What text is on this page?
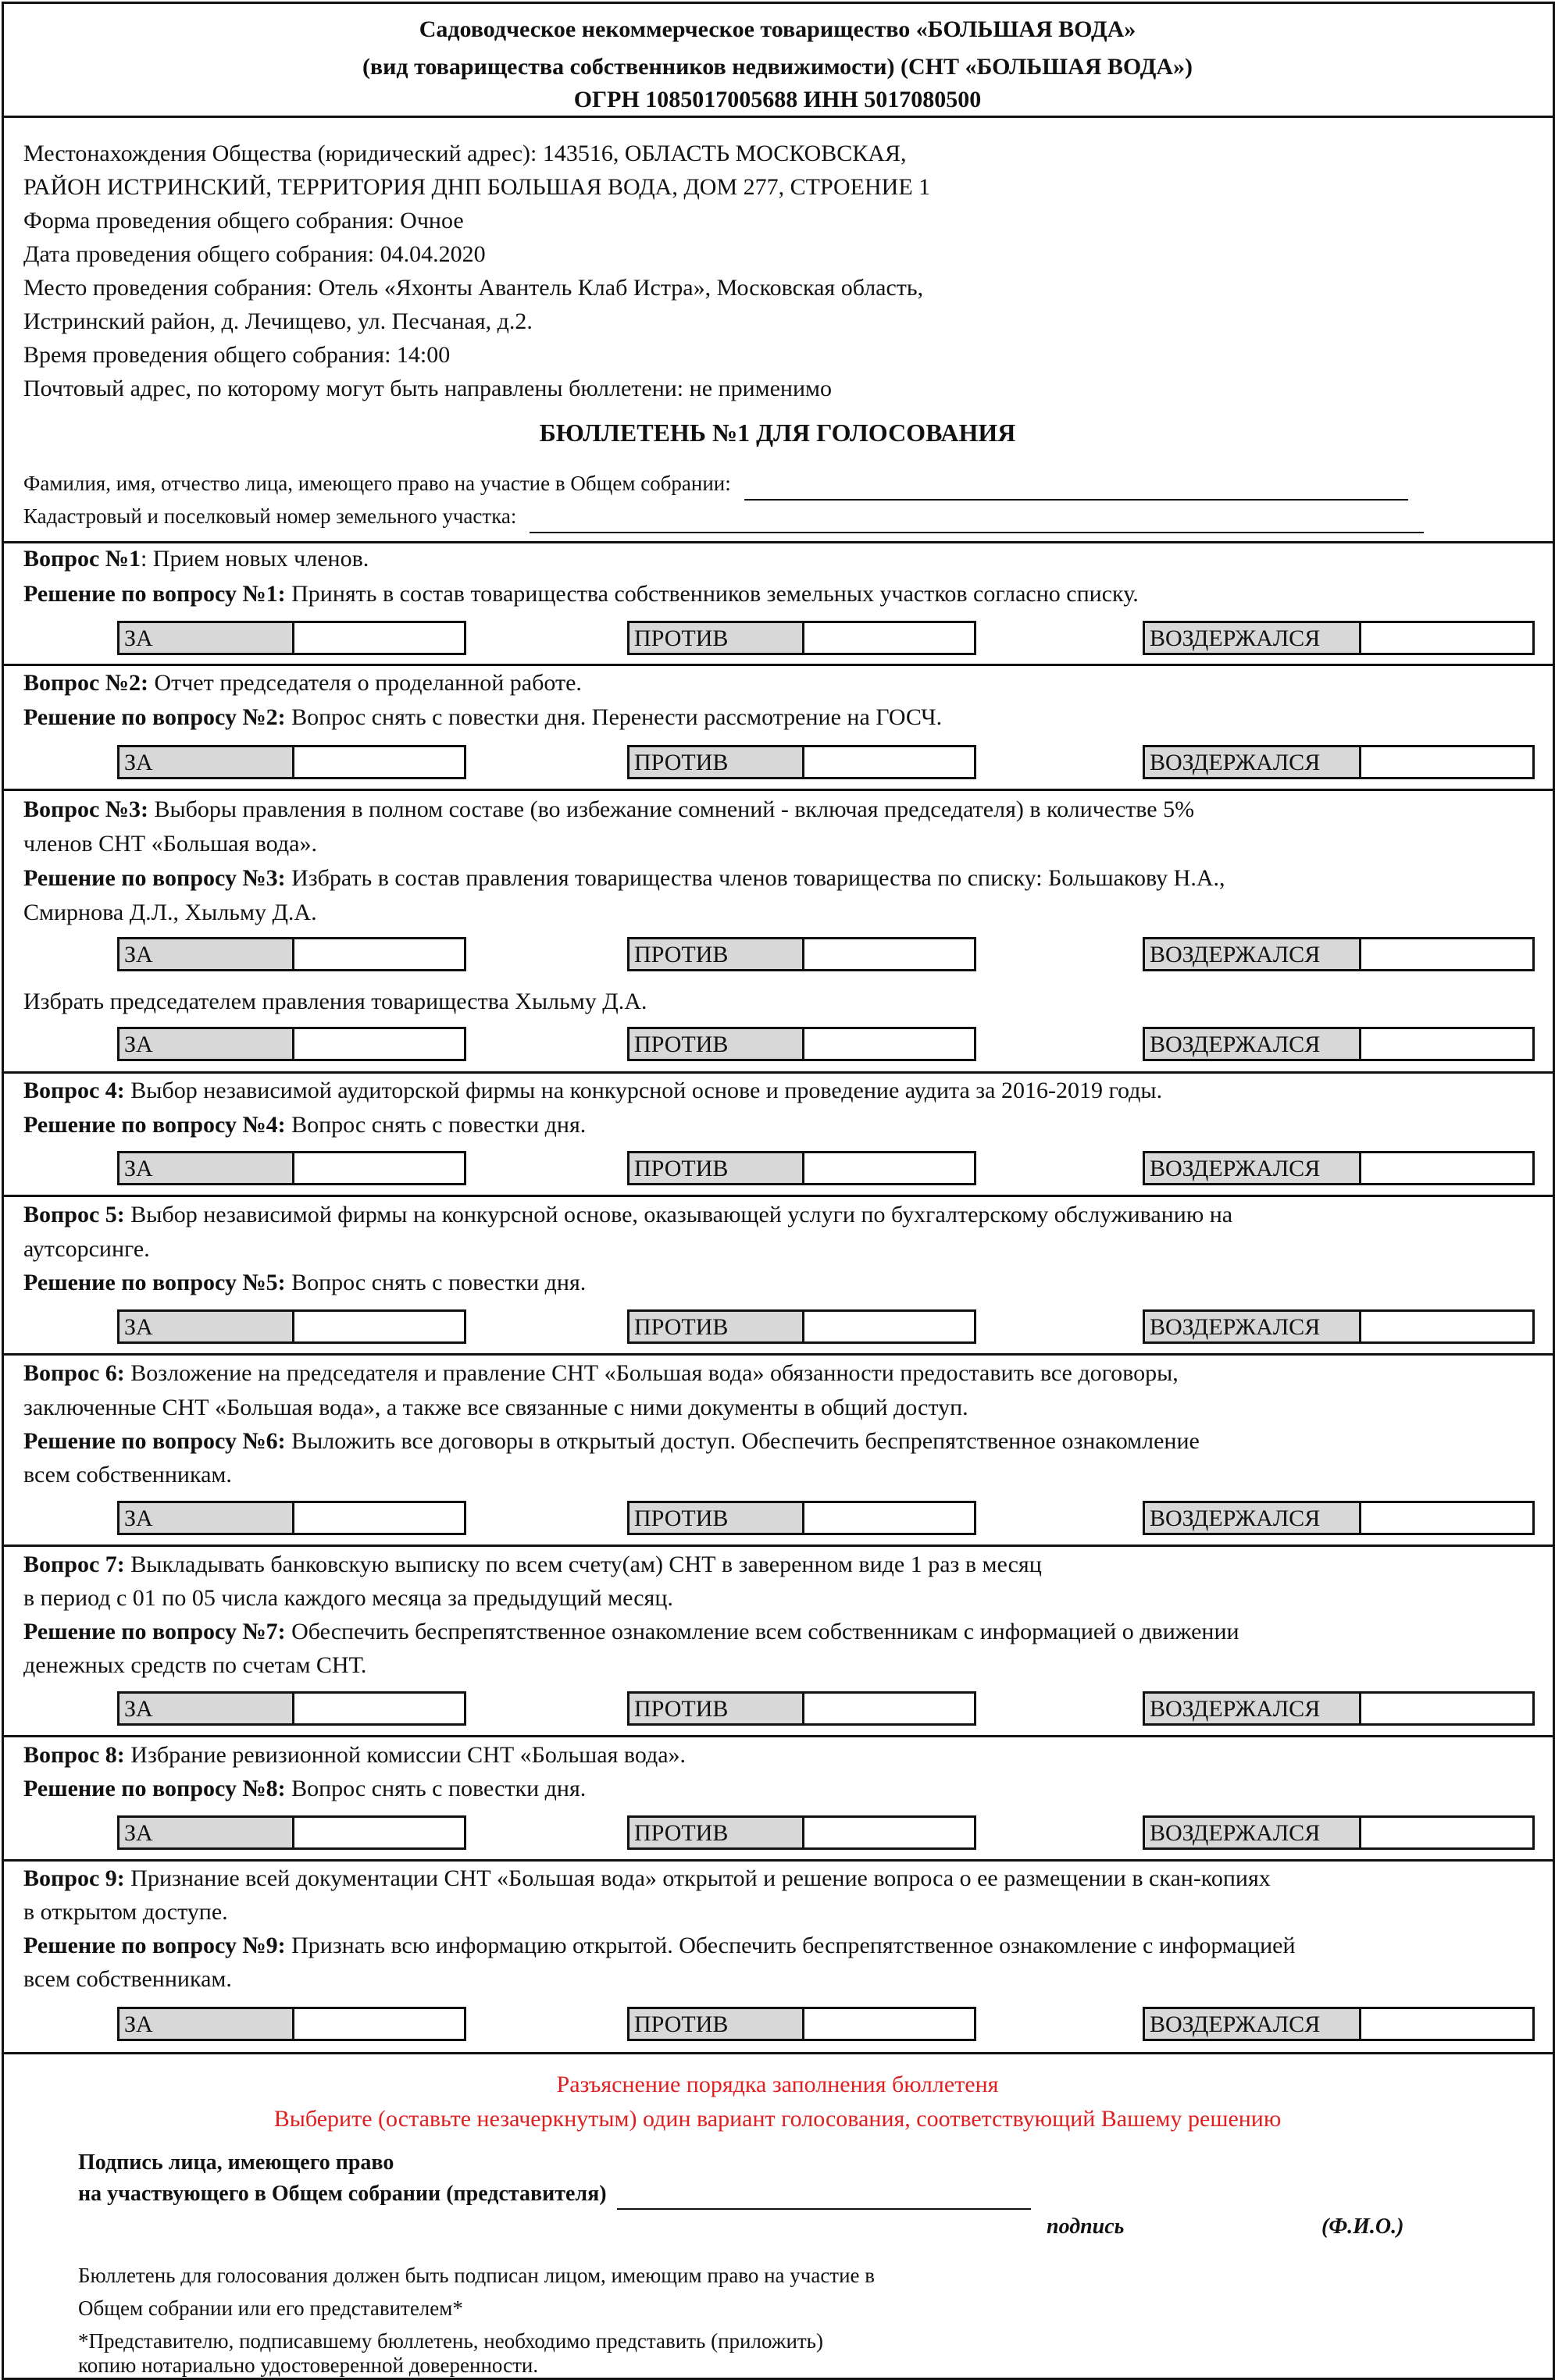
Садоводческое некоммерческое товарищество «БОЛЬШАЯ ВОДА»
(вид товарищества собственников недвижимости) (СНТ «БОЛЬШАЯ ВОДА»)
ОГРН 1085017005688 ИНН 5017080500
Местонахождения Общества (юридический адрес): 143516, ОБЛАСТЬ МОСКОВСКАЯ,
РАЙОН ИСТРИНСКИЙ, ТЕРРИТОРИЯ ДНП БОЛЬШАЯ ВОДА, ДОМ 277, СТРОЕНИЕ 1
Форма проведения общего собрания: Очное
Дата проведения общего собрания: 04.04.2020
Место проведения собрания: Отель «Яхонты Авантель Клаб Истра», Московская область,
Истринский район, д. Лечищево, ул. Песчаная, д.2.
Время проведения общего собрания: 14:00
Почтовый адрес, по которому могут быть направлены бюллетени: не применимо
БЮЛЛЕТЕНЬ №1 ДЛЯ ГОЛОСОВАНИЯ
Фамилия, имя, отчество лица, имеющего право на участие в Общем собрании:
Кадастровый и поселковый номер земельного участка:
Вопрос №1: Прием новых членов.
Решение по вопросу №1: Принять в состав товарищества собственников земельных участков согласно списку.
ЗА	ПРОТИВ	ВОЗДЕРЖАЛСЯ
Вопрос №2: Отчет председателя о проделанной работе.
Решение по вопросу №2: Вопрос снять с повестки дня. Перенести рассмотрение на ГОСЧ.
ЗА	ПРОТИВ	ВОЗДЕРЖАЛСЯ
Вопрос №3: Выборы правления в полном составе (во избежание сомнений - включая председателя) в количестве 5%
членов СНТ «Большая вода».
Решение по вопросу №3: Избрать в состав правления товарищества членов товарищества по списку: Большакову Н.А.,
Смирнова Д.Л., Хыльму Д.А.
ЗА	ПРОТИВ	ВОЗДЕРЖАЛСЯ
Избрать председателем правления товарищества Хыльму Д.А.
ЗА	ПРОТИВ	ВОЗДЕРЖАЛСЯ
Вопрос 4: Выбор независимой аудиторской фирмы на конкурсной основе и проведение аудита за 2016-2019 годы.
Решение по вопросу №4: Вопрос снять с повестки дня.
ЗА	ПРОТИВ	ВОЗДЕРЖАЛСЯ
Вопрос 5: Выбор независимой фирмы на конкурсной основе, оказывающей услуги по бухгалтерскому обслуживанию на
аутсорсинге.
Решение по вопросу №5: Вопрос снять с повестки дня.
ЗА	ПРОТИВ	ВОЗДЕРЖАЛСЯ
Вопрос 6: Возложение на председателя и правление СНТ «Большая вода» обязанности предоставить все договоры,
заключенные СНТ «Большая вода», а также все связанные с ними документы в общий доступ.
Решение по вопросу №6: Выложить все договоры в открытый доступ. Обеспечить беспрепятственное ознакомление
всем собственникам.
ЗА	ПРОТИВ	ВОЗДЕРЖАЛСЯ
Вопрос 7: Выкладывать банковскую выписку по всем счету(ам) СНТ в заверенном виде 1 раз в месяц
в период с 01 по 05 числа каждого месяца за предыдущий месяц.
Решение по вопросу №7: Обеспечить беспрепятственное ознакомление всем собственникам с информацией о движении
денежных средств по счетам СНТ.
ЗА	ПРОТИВ	ВОЗДЕРЖАЛСЯ
Вопрос 8: Избрание ревизионной комиссии СНТ «Большая вода».
Решение по вопросу №8: Вопрос снять с повестки дня.
ЗА	ПРОТИВ	ВОЗДЕРЖАЛСЯ
Вопрос 9: Признание всей документации СНТ «Большая вода» открытой и решение вопроса о ее размещении в скан-копиях
в открытом доступе.
Решение по вопросу №9: Признать всю информацию открытой. Обеспечить беспрепятственное ознакомление с информацией
всем собственникам.
ЗА	ПРОТИВ	ВОЗДЕРЖАЛСЯ
Разъяснение порядка заполнения бюллетеня
Выберите (оставьте незачеркнутым) один вариант голосования, соответствующий Вашему решению
Подпись лица, имеющего право
на участвующего в Общем собрании (представителя)
подпись	(Ф.И.О.)
Бюллетень для голосования должен быть подписан лицом, имеющим право на участие в
Общем собрании или его представителем*
*Представителю, подписавшему бюллетень, необходимо представить (приложить)
копию нотариально удостоверенной доверенности.
